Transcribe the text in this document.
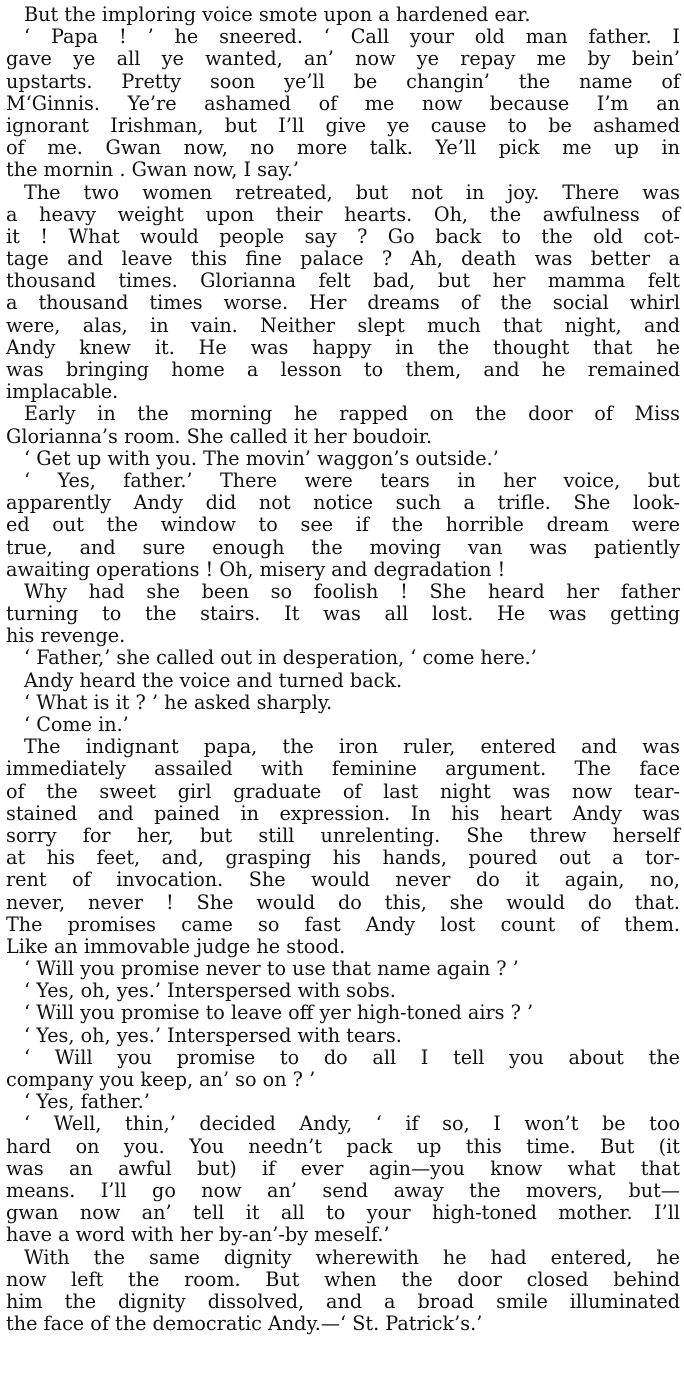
But the imploring voice smote upon a hardened ear.
‘ Papa ! ’ he sneered. ‘ Call your old man father. I
gave ye all ye wanted, an’ now ye repay me by bein’
upstarts. Pretty soon ye’ll be changin’ the name of
M‘Ginnis. Ye’re ashamed of me now because I’m an
ignorant Irishman, but I’ll give ye cause to be ashamed
of me. Gwan now, no more talk. Ye’ll pick me up in
the mornin . Gwan now, I say.’
The two women retreated, but not in joy. There was
a heavy weight upon their hearts. Oh, the awfulness of
it ! What would people say ? Go back to the old cot-
tage and leave this fine palace ? Ah, death was better a
thousand times. Glorianna felt bad, but her mamma felt
a thousand times worse. Her dreams of the social whirl
were, alas, in vain. Neither slept much that night, and
Andy knew it. He was happy in the thought that he
was bringing home a lesson to them, and he remained
implacable.
Early in the morning he rapped on the door of Miss
Glorianna’s room. She called it her boudoir.
‘ Get up with you. The movin’ waggon’s outside.’
‘ Yes, father.’ There were tears in her voice, but
apparently Andy did not notice such a trifle. She look-
ed out the window to see if the horrible dream were
true, and sure enough the moving van was patiently
awaiting operations ! Oh, misery and degradation !
Why had she been so foolish ! She heard her father
turning to the stairs. It was all lost. He was getting
his revenge.
‘ Father,’ she called out in desperation, ‘ come here.’
Andy heard the voice and turned back.
‘ What is it ? ’ he asked sharply.
‘ Come in.’
The indignant papa, the iron ruler, entered and was
immediately assailed with feminine argument. The face
of the sweet girl graduate of last night was now tear-
stained and pained in expression. In his heart Andy was
sorry for her, but still unrelenting. She threw herself
at his feet, and, grasping his hands, poured out a tor-
rent of invocation. She would never do it again, no,
never, never ! She would do this, she would do that.
The promises came so fast Andy lost count of them.
Like an immovable judge he stood.
‘ Will you promise never to use that name again ? ’
‘ Yes, oh, yes.’ Interspersed with sobs.
‘ Will you promise to leave off yer high-toned airs ? ’
‘ Yes, oh, yes.’ Interspersed with tears.
‘ Will you promise to do all I tell you about the
company you keep, an’ so on ? ’
‘ Yes, father.’
‘ Well, thin,’ decided Andy, ‘ if so, I won’t be too
hard on you. You needn’t pack up this time. But (it
was an awful but) if ever agin—you know what that
means. I’ll go now an’ send away the movers, but—
gwan now an’ tell it all to your high-toned mother. I’ll
have a word with her by-an’-by meself.’
With the same dignity wherewith he had entered, he
now left the room. But when the door closed behind
him the dignity dissolved, and a broad smile illuminated
the face of the democratic Andy.—‘ St. Patrick’s.’
